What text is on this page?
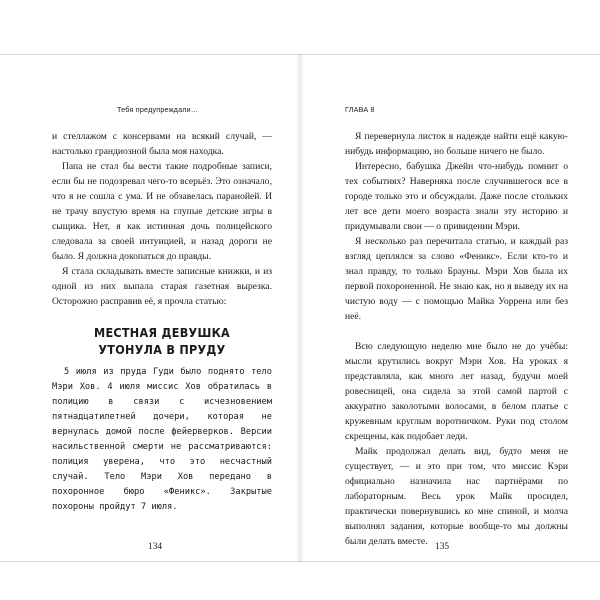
Тебя предупреждали…

и стеллажом с консервами на всякий случай, — настолько грандиозной была моя находка.

Папа не стал бы вести такие подробные записи, если бы не подозревал чего-то всерьёз. Это означало, что я не сошла с ума. И не обзавелась паранойей. И не трачу впустую время на глупые детские игры в сыщика. Нет, я как истинная дочь полицейского следовала за своей интуицией, и назад дороги не было. Я должна докопаться до правды.

Я стала складывать вместе записные книжки, и из одной из них выпала старая газетная вырезка. Осторожно расправив её, я прочла статью:

МЕСТНАЯ ДЕВУШКА
УТОНУЛА В ПРУДУ

5 июля из пруда Гуди было поднято тело Мэри Хов. 4 июля миссис Хов обратилась в полицию в связи с исчезновением пятнадцатилетней дочери, которая не вернулась домой после фейерверков. Версии насильственной смерти не рассматриваются: полиция уверена, что это несчастный случай. Тело Мэри Хов передано в похоронное бюро «Феникс». Закрытые похороны пройдут 7 июля.

134
ГЛАВА 8

Я перевернула листок в надежде найти ещё какую-нибудь информацию, но больше ничего не было.

Интересно, бабушка Джейн что-нибудь помнит о тех событиях? Наверняка после случившегося все в городе только это и обсуждали. Даже после стольких лет все дети моего возраста знали эту историю и придумывали свои — о привидении Мэри.

Я несколько раз перечитала статью, и каждый раз взгляд цеплялся за слово «Феникс». Если кто-то и знал правду, то только Брауны. Мэри Хов была их первой похороненной. Не знаю как, но я выведу их на чистую воду — с помощью Майка Уоррена или без неё.

Всю следующую неделю мне было не до учёбы: мысли крутились вокруг Мэри Хов. На уроках я представляла, как много лет назад, будучи моей ровесницей, она сидела за этой самой партой с аккуратно заколотыми волосами, в белом платье с кружевным круглым воротничком. Руки под столом скрещены, как подобает леди.

Майк продолжал делать вид, будто меня не существует, — и это при том, что миссис Кэри официально назначила нас партнёрами по лабораторным. Весь урок Майк просидел, практически повернувшись ко мне спиной, и молча выполнял задания, которые вообще-то мы должны были делать вместе. 135
